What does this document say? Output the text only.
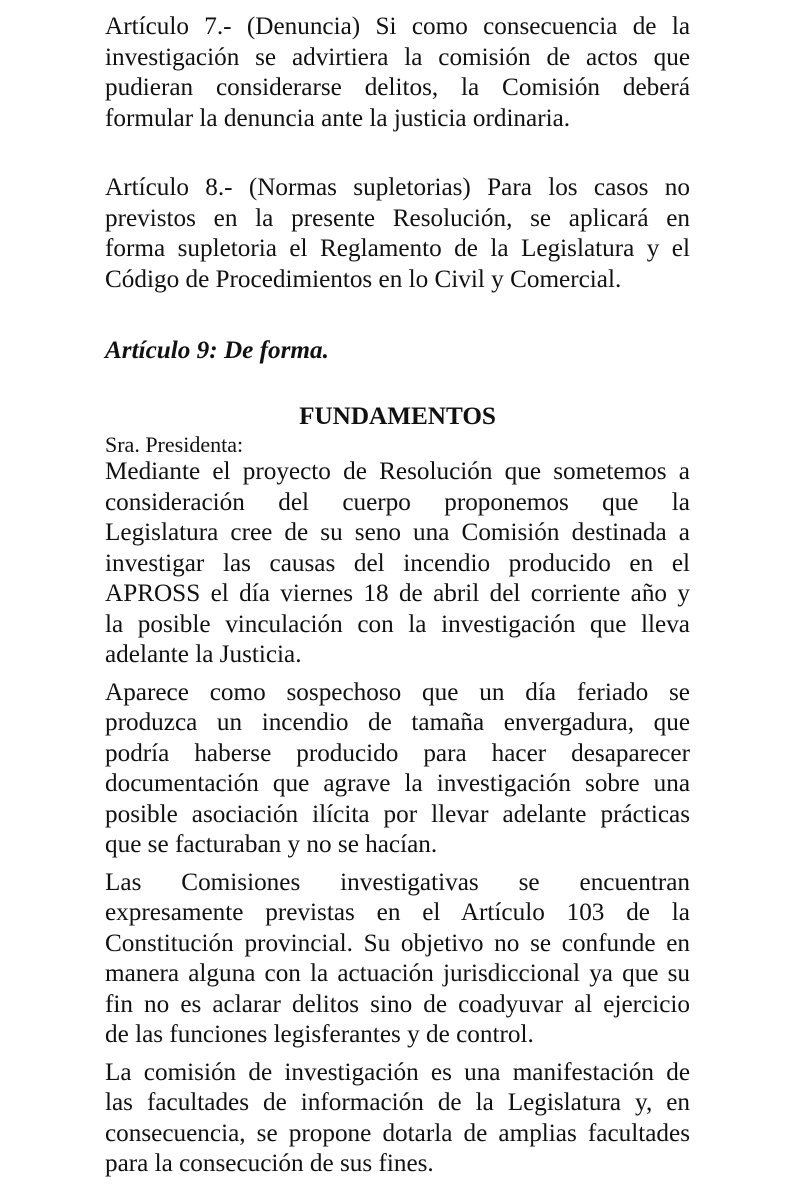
Artículo 7.- (Denuncia) Si como consecuencia de la
investigación se advirtiera la comisión de actos que
pudieran considerarse delitos, la Comisión deberá
formular la denuncia ante la justicia ordinaria.
Artículo 8.- (Normas supletorias) Para los casos no
previstos en la presente Resolución, se aplicará en
forma supletoria el Reglamento de la Legislatura y el
Código de Procedimientos en lo Civil y Comercial.
Artículo 9: De forma.
FUNDAMENTOS
Sra. Presidenta:
Mediante el proyecto de Resolución que sometemos a
consideración del cuerpo proponemos que la
Legislatura cree de su seno una Comisión destinada a
investigar las causas del incendio producido en el
APROSS el día viernes 18 de abril del corriente año y
la posible vinculación con la investigación que lleva
adelante la Justicia.
Aparece como sospechoso que un día feriado se
produzca un incendio de tamaña envergadura, que
podría haberse producido para hacer desaparecer
documentación que agrave la investigación sobre una
posible asociación ilícita por llevar adelante prácticas
que se facturaban y no se hacían.
Las Comisiones investigativas se encuentran
expresamente previstas en el Artículo 103 de la
Constitución provincial. Su objetivo no se confunde en
manera alguna con la actuación jurisdiccional ya que su
fin no es aclarar delitos sino de coadyuvar al ejercicio
de las funciones legisferantes y de control.
La comisión de investigación es una manifestación de
las facultades de información de la Legislatura y, en
consecuencia, se propone dotarla de amplias facultades
para la consecución de sus fines.
